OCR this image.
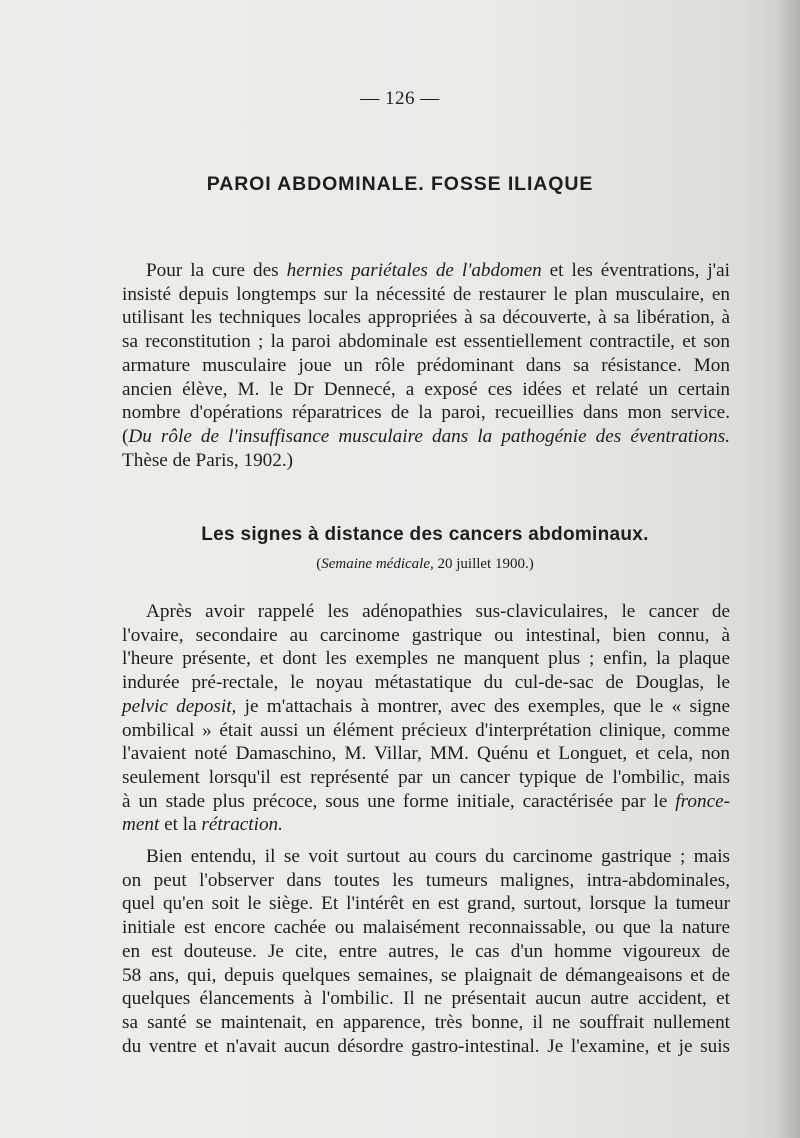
— 126 —
PAROI ABDOMINALE. FOSSE ILIAQUE

Pour la cure des hernies pariétales de l'abdomen et les éventrations, j'ai
insisté depuis longtemps sur la nécessité de restaurer le plan musculaire, en
utilisant les techniques locales appropriées à sa découverte, à sa libération, à
sa reconstitution ; la paroi abdominale est essentiellement contractile, et son
armature musculaire joue un rôle prédominant dans sa résistance. Mon
ancien élève, M. le Dr Dennecé, a exposé ces idées et relaté un certain
nombre d'opérations réparatrices de la paroi, recueillies dans mon service.
(Du rôle de l'insuffisance musculaire dans la pathogénie des éventrations.
Thèse de Paris, 1902.)

Les signes à distance des cancers abdominaux.
(Semaine médicale, 20 juillet 1900.)

Après avoir rappelé les adénopathies sus-claviculaires, le cancer de
l'ovaire, secondaire au carcinome gastrique ou intestinal, bien connu, à
l'heure présente, et dont les exemples ne manquent plus ; enfin, la plaque
indurée pré-rectale, le noyau métastatique du cul-de-sac de Douglas, le
pelvic deposit, je m'attachais à montrer, avec des exemples, que le « signe
ombilical » était aussi un élément précieux d'interprétation clinique, comme
l'avaient noté Damaschino, M. Villar, MM. Quénu et Longuet, et cela, non
seulement lorsqu'il est représenté par un cancer typique de l'ombilic, mais
à un stade plus précoce, sous une forme initiale, caractérisée par le fronce-
ment et la rétraction.

Bien entendu, il se voit surtout au cours du carcinome gastrique ; mais
on peut l'observer dans toutes les tumeurs malignes, intra-abdominales,
quel qu'en soit le siège. Et l'intérêt en est grand, surtout, lorsque la tumeur
initiale est encore cachée ou malaisément reconnaissable, ou que la nature
en est douteuse. Je cite, entre autres, le cas d'un homme vigoureux de
58 ans, qui, depuis quelques semaines, se plaignait de démangeaisons et de
quelques élancements à l'ombilic. Il ne présentait aucun autre accident, et
sa santé se maintenait, en apparence, très bonne, il ne souffrait nullement
du ventre et n'avait aucun désordre gastro-intestinal. Je l'examine, et je suis
